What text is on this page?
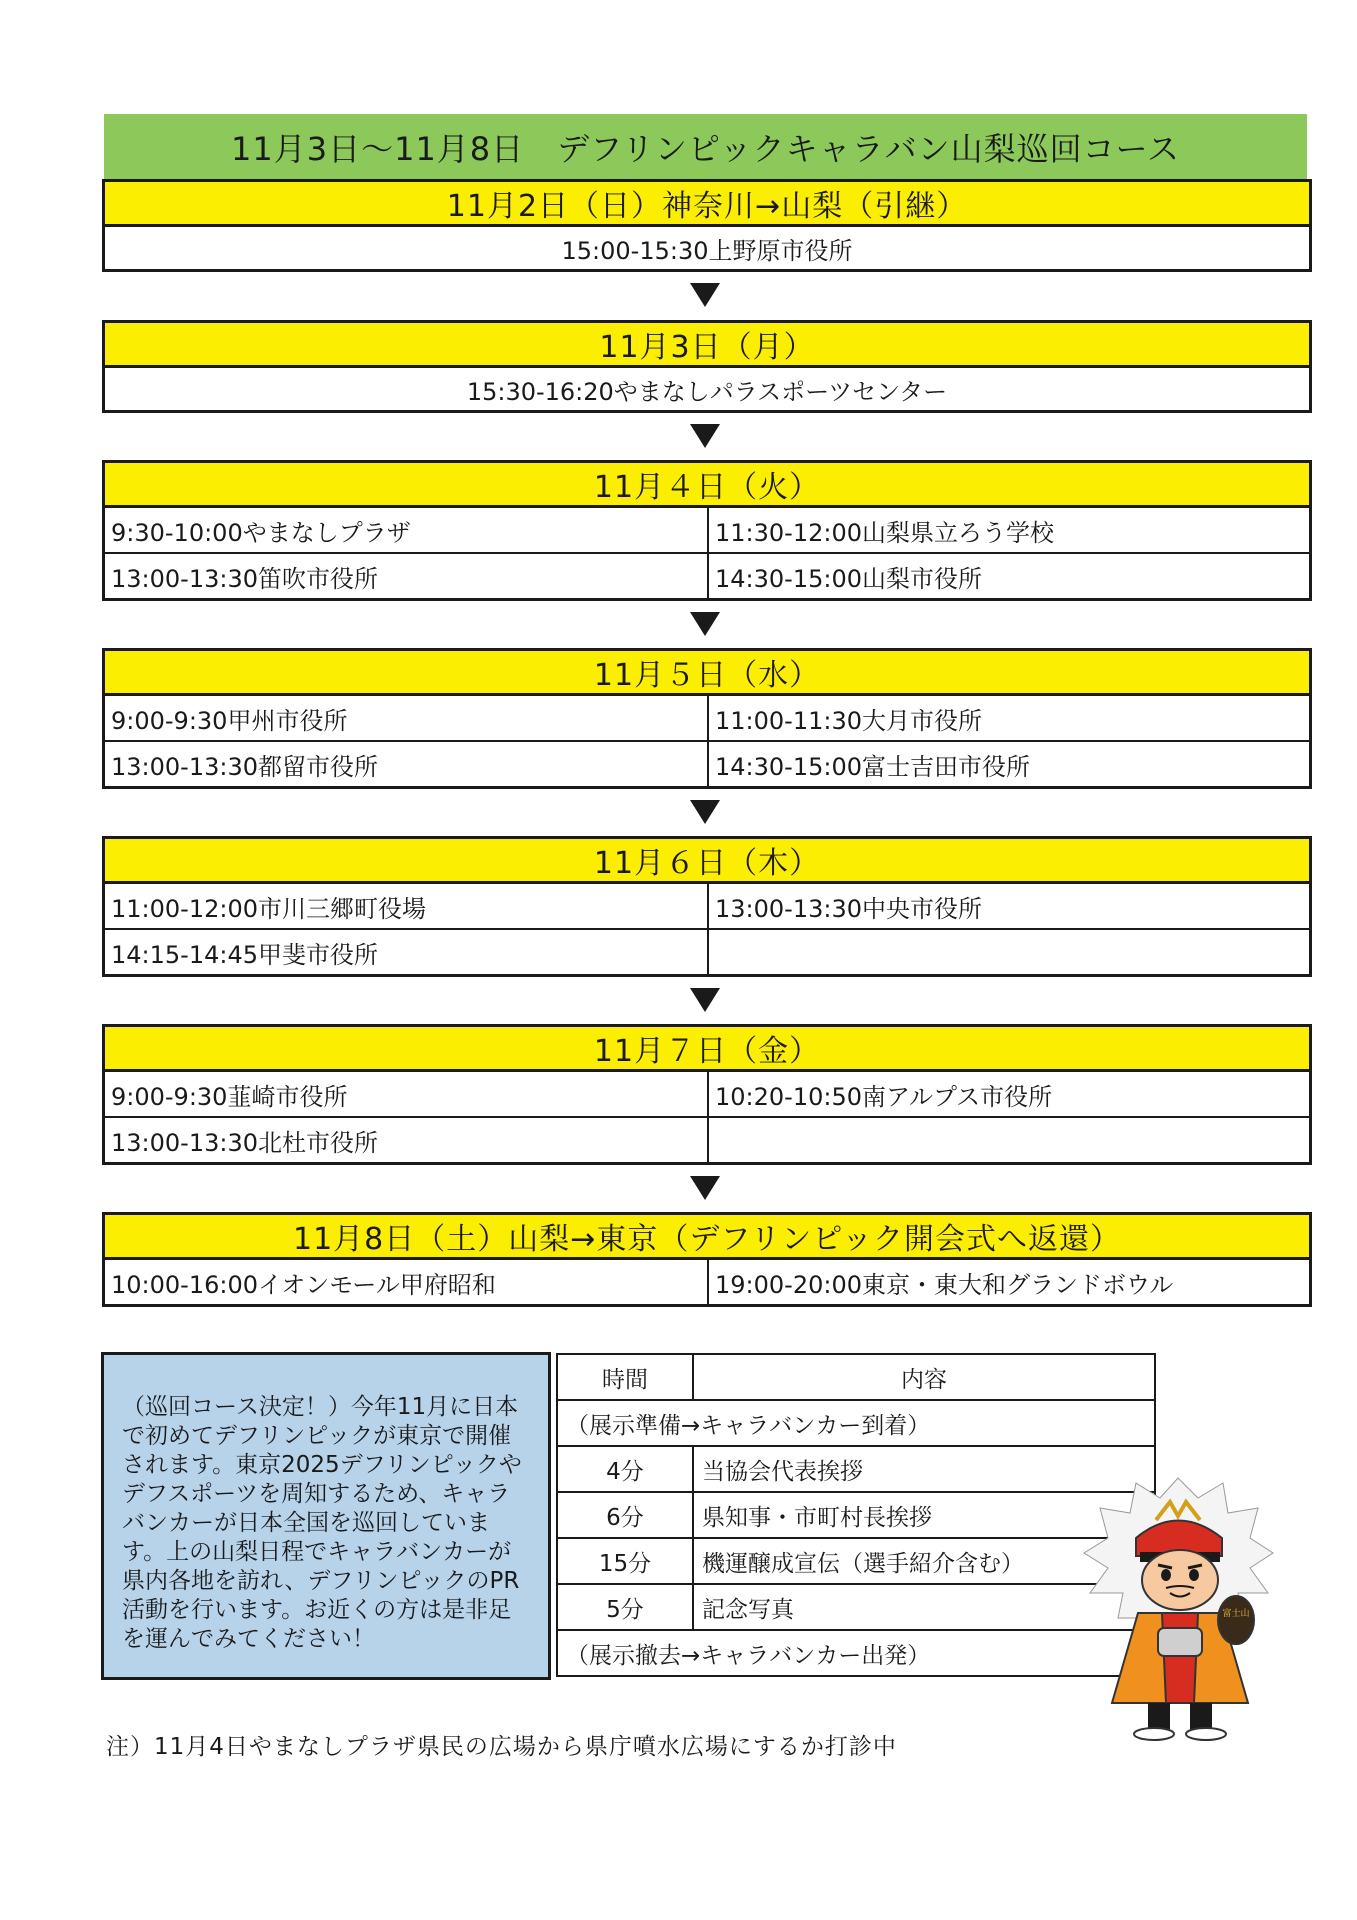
11月3日～11月8日　デフリンピックキャラバン山梨巡回コース
11月2日（日）神奈川→山梨（引継）
15:00-15:30上野原市役所
11月3日（月）
15:30-16:20やまなしパラスポーツセンター
11月４日（火）
9:30-10:00やまなしプラザ	11:30-12:00山梨県立ろう学校
13:00-13:30笛吹市役所	14:30-15:00山梨市役所
11月５日（水）
9:00-9:30甲州市役所	11:00-11:30大月市役所
13:00-13:30都留市役所	14:30-15:00富士吉田市役所
11月６日（木）
11:00-12:00市川三郷町役場	13:00-13:30中央市役所
14:15-14:45甲斐市役所
11月７日（金）
9:00-9:30韮崎市役所	10:20-10:50南アルプス市役所
13:00-13:30北杜市役所
11月8日（土）山梨→東京（デフリンピック開会式へ返還）
10:00-16:00イオンモール甲府昭和	19:00-20:00東京・東大和グランドボウル
（巡回コース決定！）今年11月に日本で初めてデフリンピックが東京で開催されます。東京2025デフリンピックやデフスポーツを周知するため、キャラバンカーが日本全国を巡回しています。上の山梨日程でキャラバンカーが県内各地を訪れ、デフリンピックのPR活動を行います。お近くの方は是非足を運んでみてください！
時間	内容
（展示準備→キャラバンカー到着）	
4分	当協会代表挨拶
6分	県知事・市町村長挨拶
15分	機運醸成宣伝（選手紹介含む）
5分	記念写真
（展示撤去→キャラバンカー出発）	
富士山
注）11月4日やまなしプラザ県民の広場から県庁噴水広場にするか打診中
